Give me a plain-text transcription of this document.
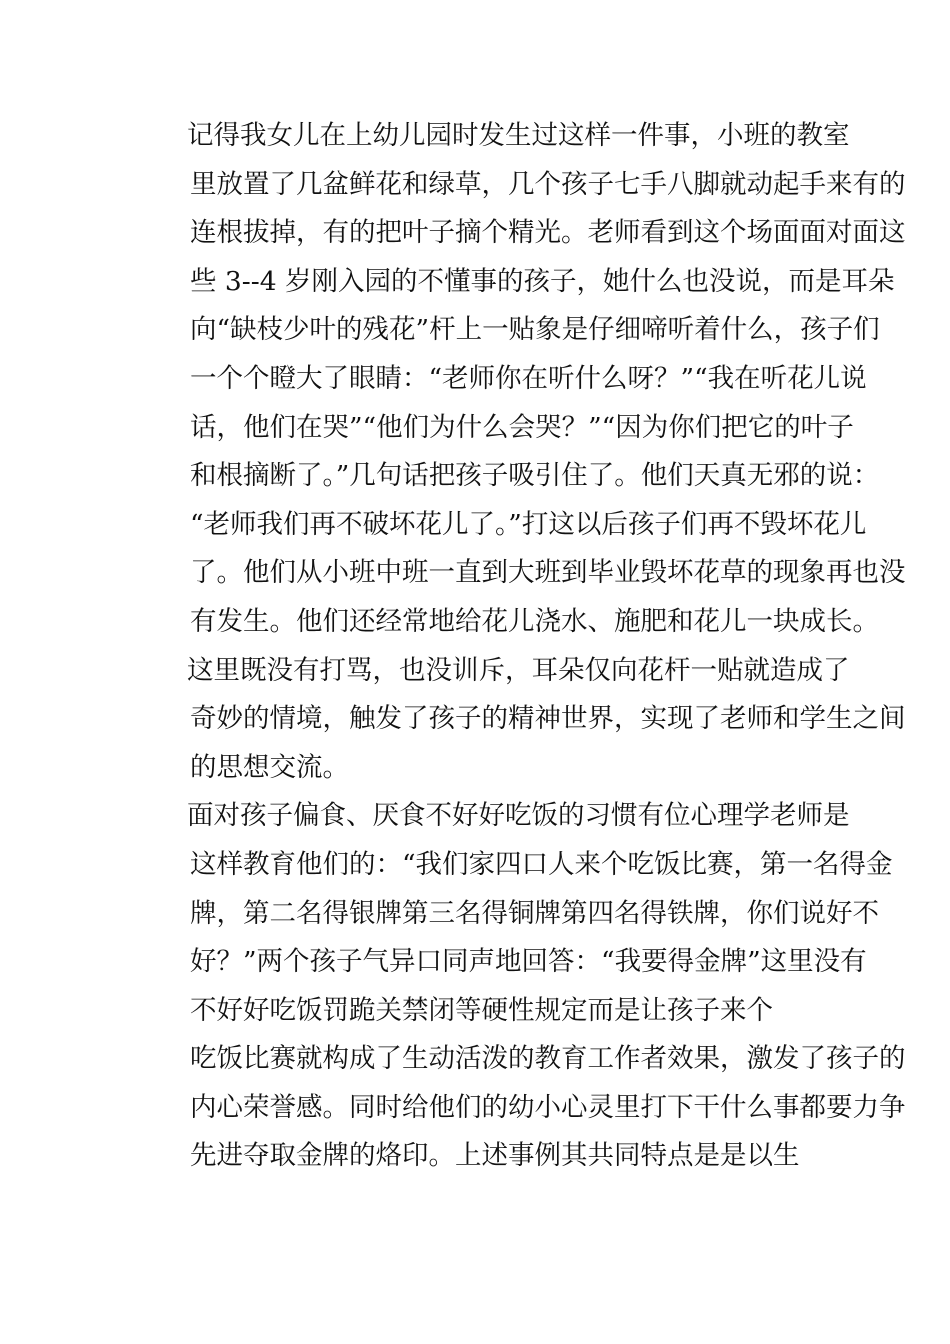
记得我女儿在上幼儿园时发生过这样一件事，小班的教室
里放置了几盆鲜花和绿草，几个孩子七手八脚就动起手来有的
连根拔掉，有的把叶子摘个精光。老师看到这个场面面对面这
些 3--4 岁刚入园的不懂事的孩子，她什么也没说，而是耳朵
向“缺枝少叶的残花”杆上一贴象是仔细啼听着什么，孩子们
一个个瞪大了眼睛：“老师你在听什么呀？”“我在听花儿说
话，他们在哭”“他们为什么会哭？”“因为你们把它的叶子
和根摘断了。”几句话把孩子吸引住了。他们天真无邪的说：
“老师我们再不破坏花儿了。”打这以后孩子们再不毁坏花儿
了。他们从小班中班一直到大班到毕业毁坏花草的现象再也没
有发生。他们还经常地给花儿浇水、施肥和花儿一块成长。
这里既没有打骂，也没训斥，耳朵仅向花杆一贴就造成了
奇妙的情境，触发了孩子的精神世界，实现了老师和学生之间
的思想交流。
面对孩子偏食、厌食不好好吃饭的习惯有位心理学老师是
这样教育他们的：“我们家四口人来个吃饭比赛，第一名得金
牌，第二名得银牌第三名得铜牌第四名得铁牌，你们说好不
好？”两个孩子气异口同声地回答：“我要得金牌”这里没有
不好好吃饭罚跪关禁闭等硬性规定而是让孩子来个
吃饭比赛就构成了生动活泼的教育工作者效果，激发了孩子的
内心荣誉感。同时给他们的幼小心灵里打下干什么事都要力争
先进夺取金牌的烙印。上述事例其共同特点是是以生
